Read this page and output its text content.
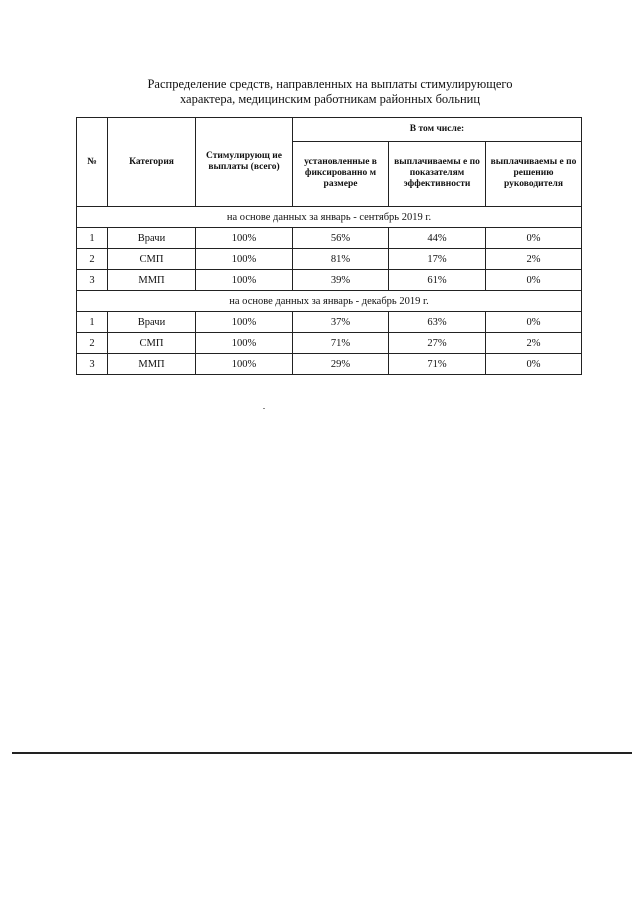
Распределение средств, направленных на выплаты стимулирующего
характера, медицинским работникам районных больниц
№	Категория	Стимулирующ ие выплаты (всего)	В том числе:		
			установленные в фиксированно м размере	выплачиваемы е по показателям эффективности	выплачиваемы е по решению руководителя
на основе данных за январь - сентябрь 2019 г.					
1	Врачи	100%	56%	44%	0%
2	СМП	100%	81%	17%	2%
3	ММП	100%	39%	61%	0%
на основе данных за январь - декабрь 2019 г.					
1	Врачи	100%	37%	63%	0%
2	СМП	100%	71%	27%	2%
3	ММП	100%	29%	71%	0%
